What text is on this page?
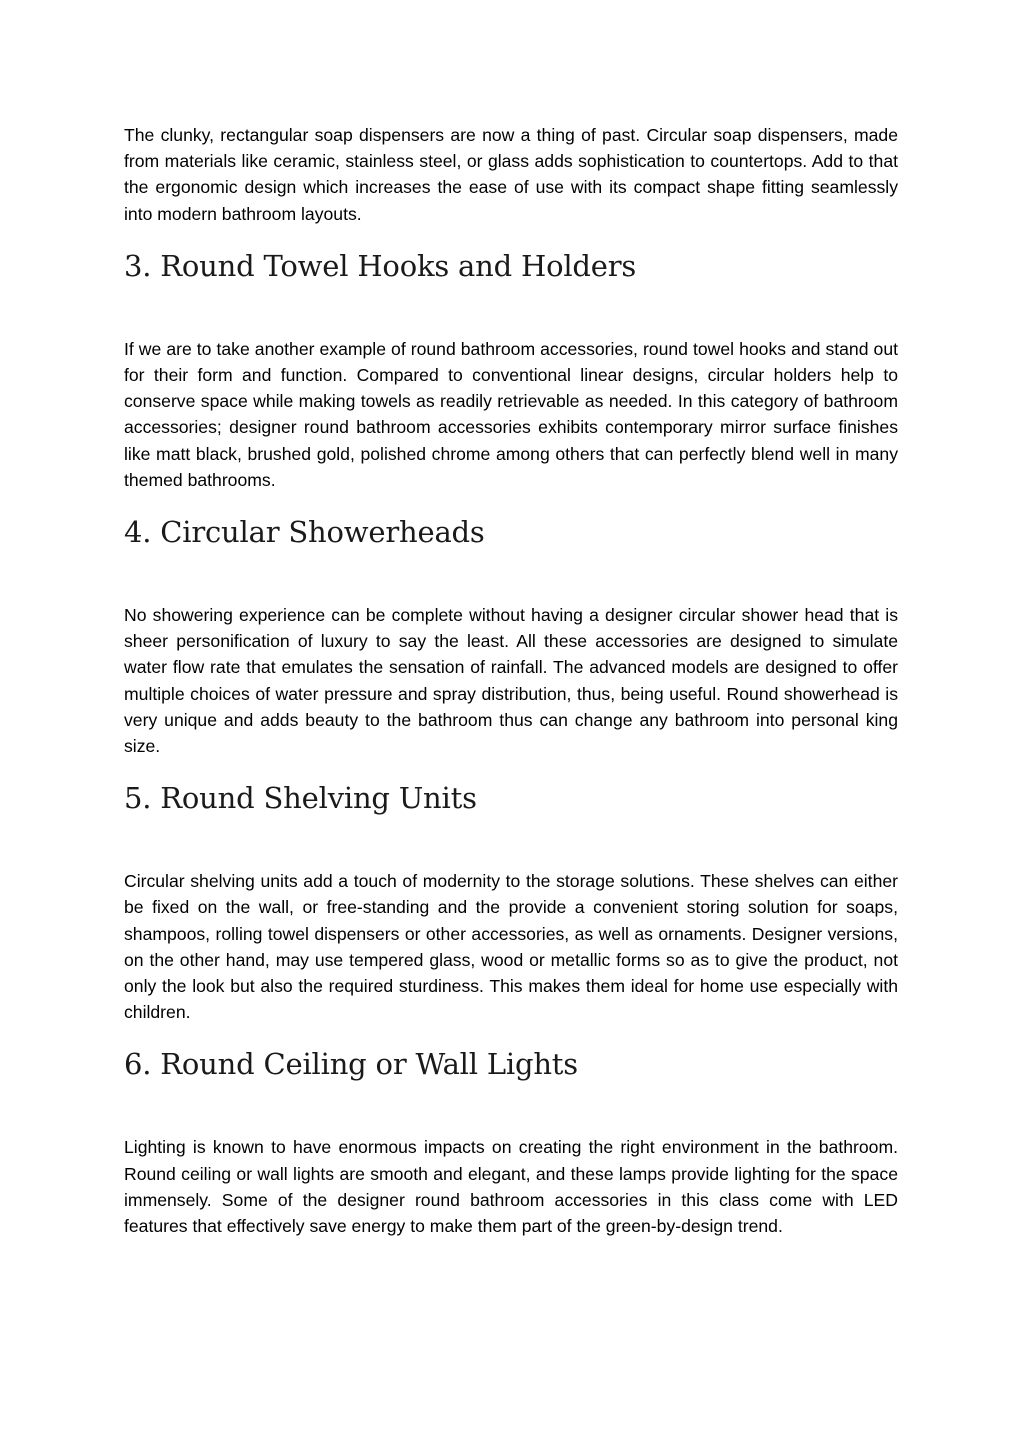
The clunky, rectangular soap dispensers are now a thing of past. Circular soap dispensers, made from materials like ceramic, stainless steel, or glass adds sophistication to countertops. Add to that the ergonomic design which increases the ease of use with its compact shape fitting seamlessly into modern bathroom layouts.

3. Round Towel Hooks and Holders

If we are to take another example of round bathroom accessories, round towel hooks and stand out for their form and function. Compared to conventional linear designs, circular holders help to conserve space while making towels as readily retrievable as needed. In this category of bathroom accessories; designer round bathroom accessories exhibits contemporary mirror surface finishes like matt black, brushed gold, polished chrome among others that can perfectly blend well in many themed bathrooms.

4. Circular Showerheads

No showering experience can be complete without having a designer circular shower head that is sheer personification of luxury to say the least. All these accessories are designed to simulate water flow rate that emulates the sensation of rainfall. The advanced models are designed to offer multiple choices of water pressure and spray distribution, thus, being useful. Round showerhead is very unique and adds beauty to the bathroom thus can change any bathroom into personal king size.

5. Round Shelving Units

Circular shelving units add a touch of modernity to the storage solutions. These shelves can either be fixed on the wall, or free-standing and the provide a convenient storing solution for soaps, shampoos, rolling towel dispensers or other accessories, as well as ornaments. Designer versions, on the other hand, may use tempered glass, wood or metallic forms so as to give the product, not only the look but also the required sturdiness. This makes them ideal for home use especially with children.

6. Round Ceiling or Wall Lights

Lighting is known to have enormous impacts on creating the right environment in the bathroom. Round ceiling or wall lights are smooth and elegant, and these lamps provide lighting for the space immensely. Some of the designer round bathroom accessories in this class come with LED features that effectively save energy to make them part of the green-by-design trend.
